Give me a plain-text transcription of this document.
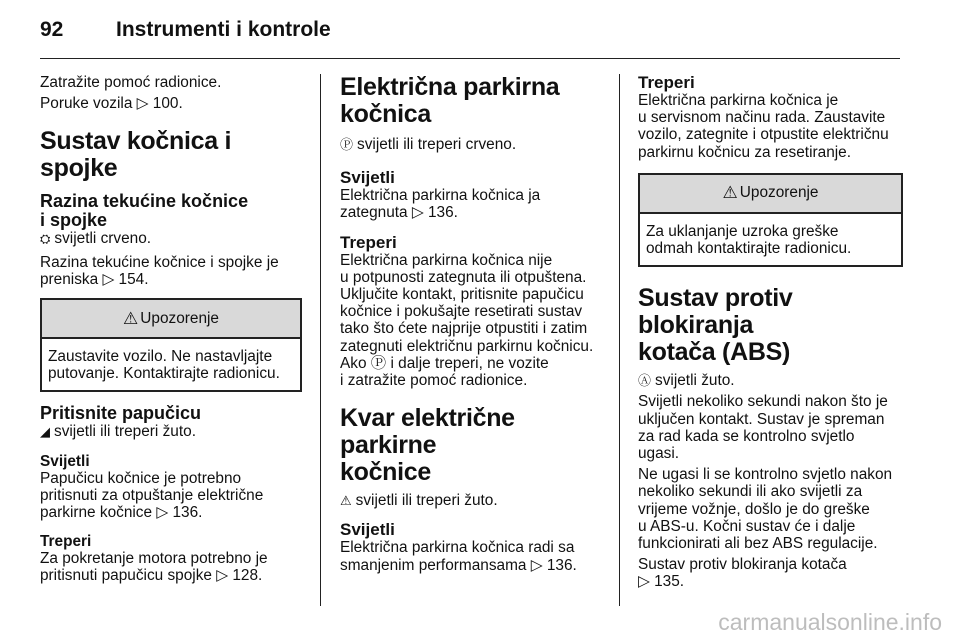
92	Instrumenti i kontrole

Zatražite pomoć radionice.

Poruke vozila ▷ 100.

Sustav kočnica i spojke
Razina tekućine kočnice
i spojke

⛭ svijetli crveno.

Razina tekućine kočnice i spojke je

preniska ▷ 154.

⚠ Upozorenje
Zaustavite vozilo. Ne nastavljajte
putovanje. Kontaktirajte radionicu.
Pritisnite papučicu

◢ svijetli ili treperi žuto.

Svijetli

Papučicu kočnice je potrebno

pritisnuti za otpuštanje električne

parkirne kočnice ▷ 136.

Treperi

Za pokretanje motora potrebno je

pritisnuti papučicu spojke ▷ 128.

Električna parkirna kočnica

Ⓟ svijetli ili treperi crveno.

Svijetli

Električna parkirna kočnica ja

zategnuta ▷ 136.

Treperi

Električna parkirna kočnica nije

u potpunosti zategnuta ili otpuštena.

Uključite kontakt, pritisnite papučicu

kočnice i pokušajte resetirati sustav

tako što ćete najprije otpustiti i zatim

zategnuti električnu parkirnu kočnicu.

Ako Ⓟ i dalje treperi, ne vozite

i zatražite pomoć radionice.

Kvar električne parkirne
kočnice

⚠ svijetli ili treperi žuto.

Svijetli

Električna parkirna kočnica radi sa

smanjenim performansama ▷ 136.

Treperi

Električna parkirna kočnica je

u servisnom načinu rada. Zaustavite

vozilo, zategnite i otpustite električnu

parkirnu kočnicu za resetiranje.

⚠ Upozorenje
Za uklanjanje uzroka greške
odmah kontaktirajte radionicu.
Sustav protiv blokiranja
kotača (ABS)

Ⓐ svijetli žuto.

Svijetli nekoliko sekundi nakon što je

uključen kontakt. Sustav je spreman

za rad kada se kontrolno svjetlo

ugasi.

Ne ugasi li se kontrolno svjetlo nakon

nekoliko sekundi ili ako svijetli za

vrijeme vožnje, došlo je do greške

u ABS-u. Kočni sustav će i dalje

funkcionirati ali bez ABS regulacije.

Sustav protiv blokiranja kotača

▷ 135.

carmanualsonline.info
